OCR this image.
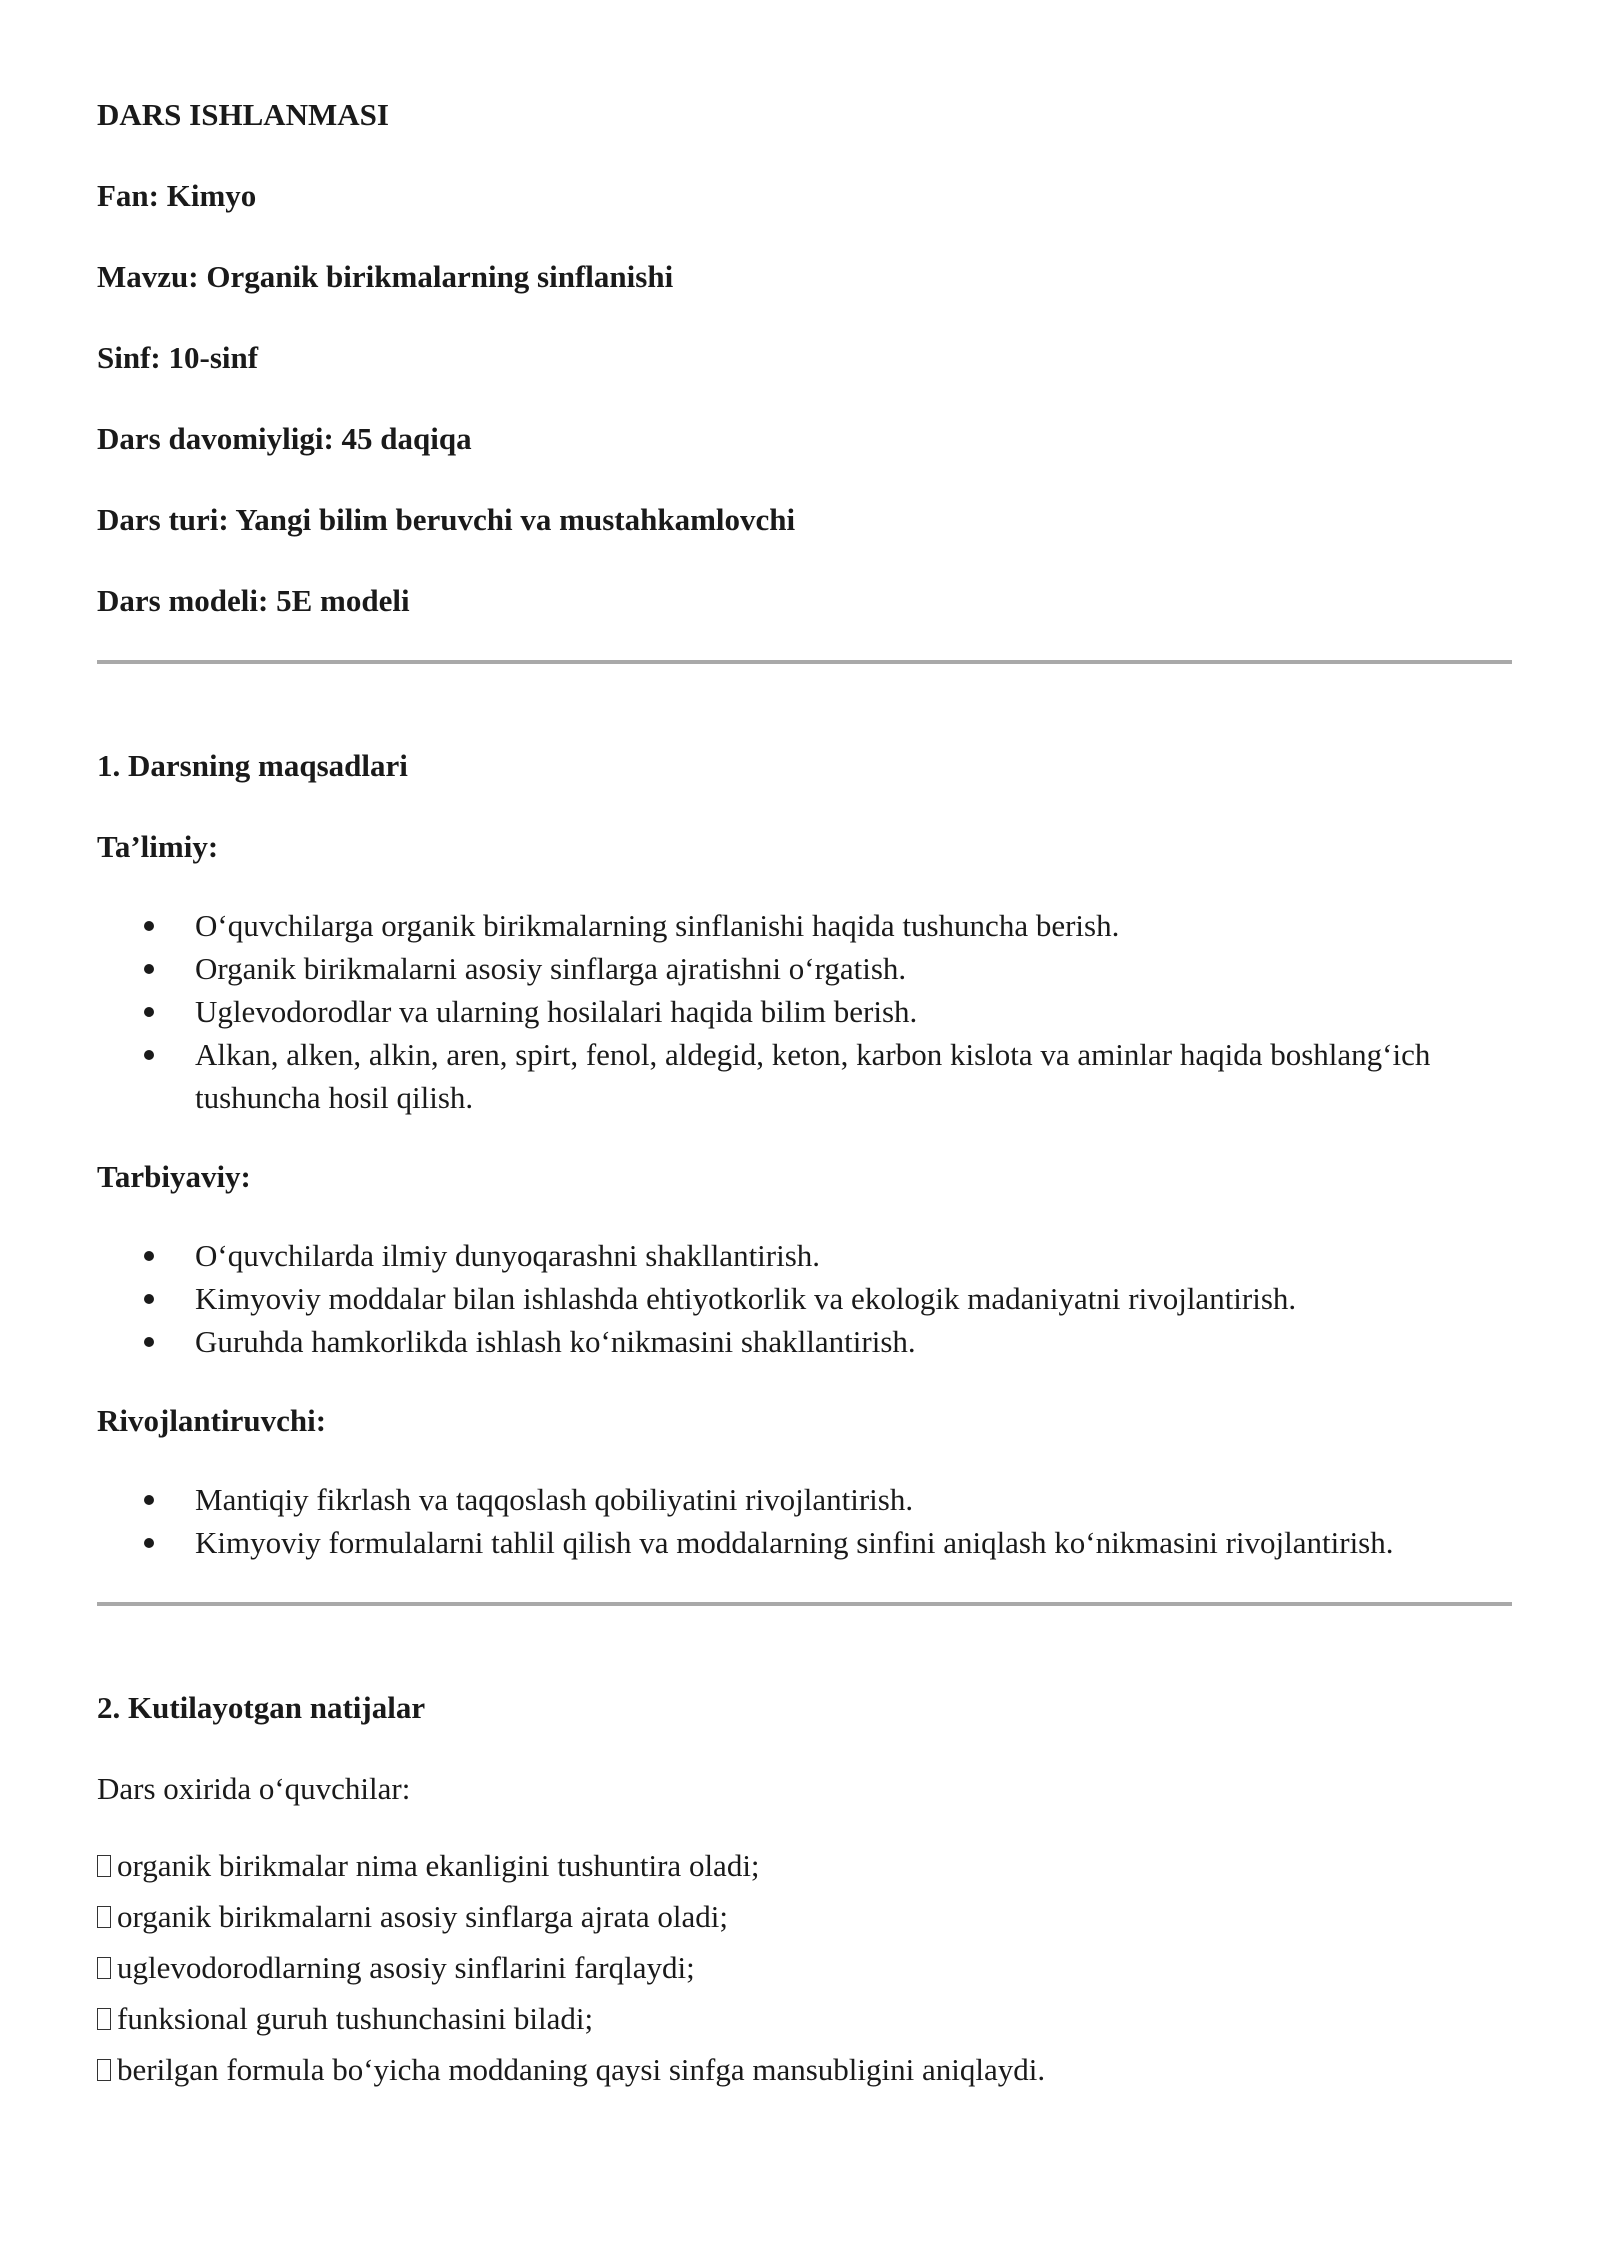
DARS ISHLANMASI

Fan: Kimyo

Mavzu: Organik birikmalarning sinflanishi

Sinf: 10-sinf

Dars davomiyligi: 45 daqiqa

Dars turi: Yangi bilim beruvchi va mustahkamlovchi

Dars modeli: 5E modeli

1. Darsning maqsadlari

Ta’limiy:

O‘quvchilarga organik birikmalarning sinflanishi haqida tushuncha berish.
Organik birikmalarni asosiy sinflarga ajratishni o‘rgatish.
Uglevodorodlar va ularning hosilalari haqida bilim berish.
Alkan, alken, alkin, aren, spirt, fenol, aldegid, keton, karbon kislota va aminlar haqida boshlang‘ich tushuncha hosil qilish.

Tarbiyaviy:

O‘quvchilarda ilmiy dunyoqarashni shakllantirish.
Kimyoviy moddalar bilan ishlashda ehtiyotkorlik va ekologik madaniyatni rivojlantirish.
Guruhda hamkorlikda ishlash ko‘nikmasini shakllantirish.

Rivojlantiruvchi:

Mantiqiy fikrlash va taqqoslash qobiliyatini rivojlantirish.
Kimyoviy formulalarni tahlil qilish va moddalarning sinfini aniqlash ko‘nikmasini rivojlantirish.

2. Kutilayotgan natijalar

Dars oxirida o‘quvchilar:

organik birikmalar nima ekanligini tushuntira oladi;
organik birikmalarni asosiy sinflarga ajrata oladi;
uglevodorodlarning asosiy sinflarini farqlaydi;
funksional guruh tushunchasini biladi;
berilgan formula bo‘yicha moddaning qaysi sinfga mansubligini aniqlaydi.
